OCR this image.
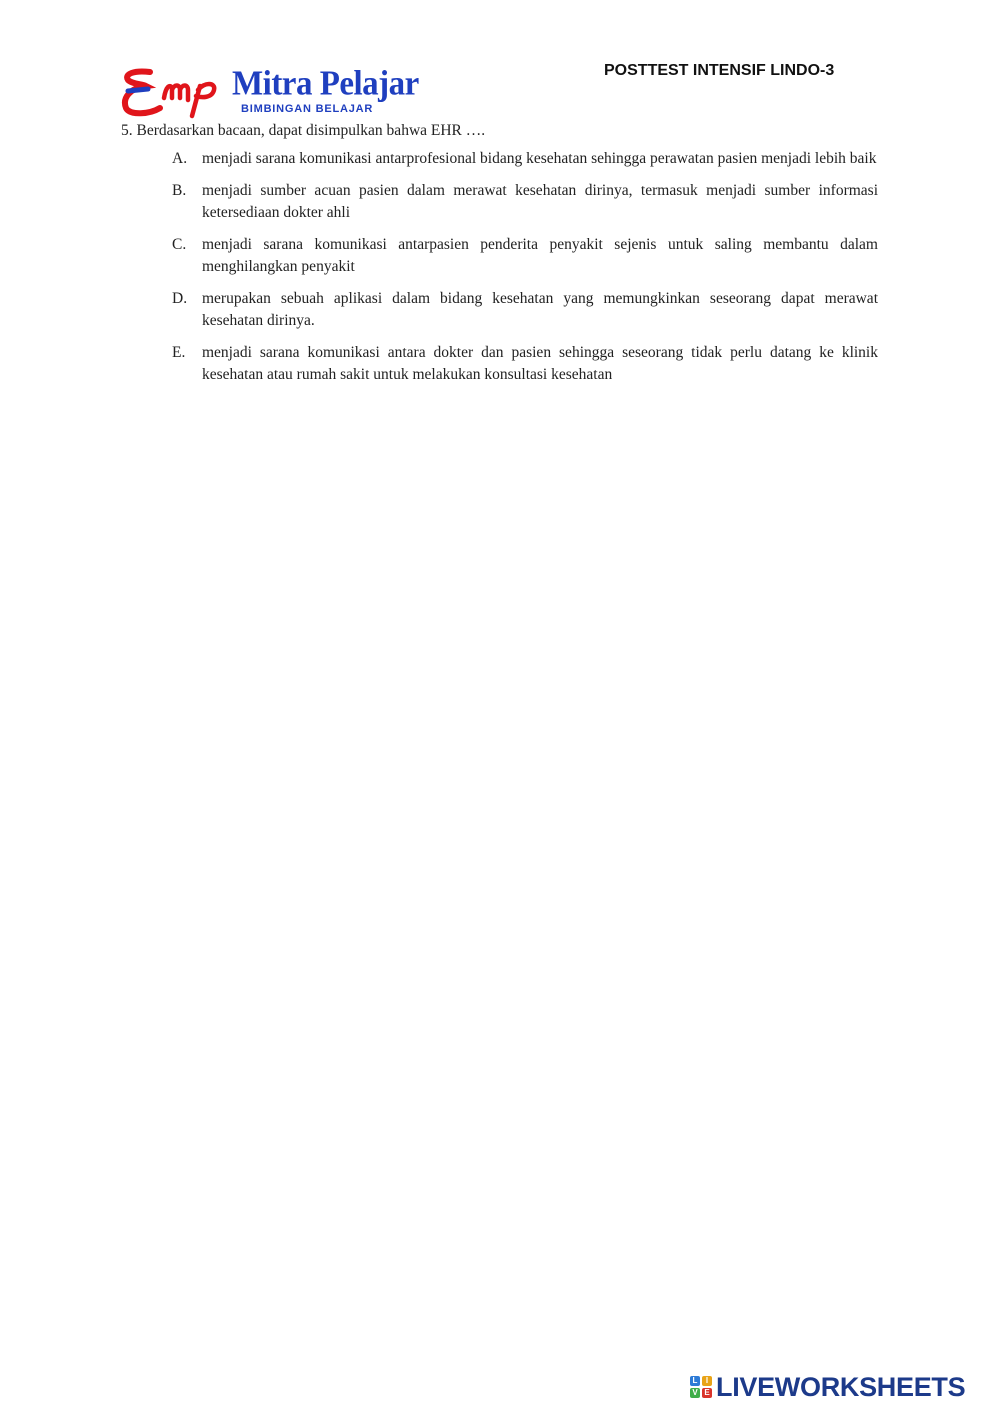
Mitra Pelajar
BIMBINGAN BELAJAR
POSTTEST INTENSIF LINDO-3
5. Berdasarkan bacaan, dapat disimpulkan bahwa EHR ….
A. menjadi sarana komunikasi antarprofesional bidang kesehatan sehingga perawatan pasien menjadi lebih baik
B. menjadi sumber acuan pasien dalam merawat kesehatan dirinya, termasuk menjadi sumber informasi ketersediaan dokter ahli
C. menjadi sarana komunikasi antarpasien penderita penyakit sejenis untuk saling membantu dalam menghilangkan penyakit
D. merupakan sebuah aplikasi dalam bidang kesehatan yang memungkinkan seseorang dapat merawat kesehatan dirinya.
E. menjadi sarana komunikasi antara dokter dan pasien sehingga seseorang tidak perlu datang ke klinik kesehatan atau rumah sakit untuk melakukan konsultasi kesehatan
L	I
V E LIVEWORKSHEETS
